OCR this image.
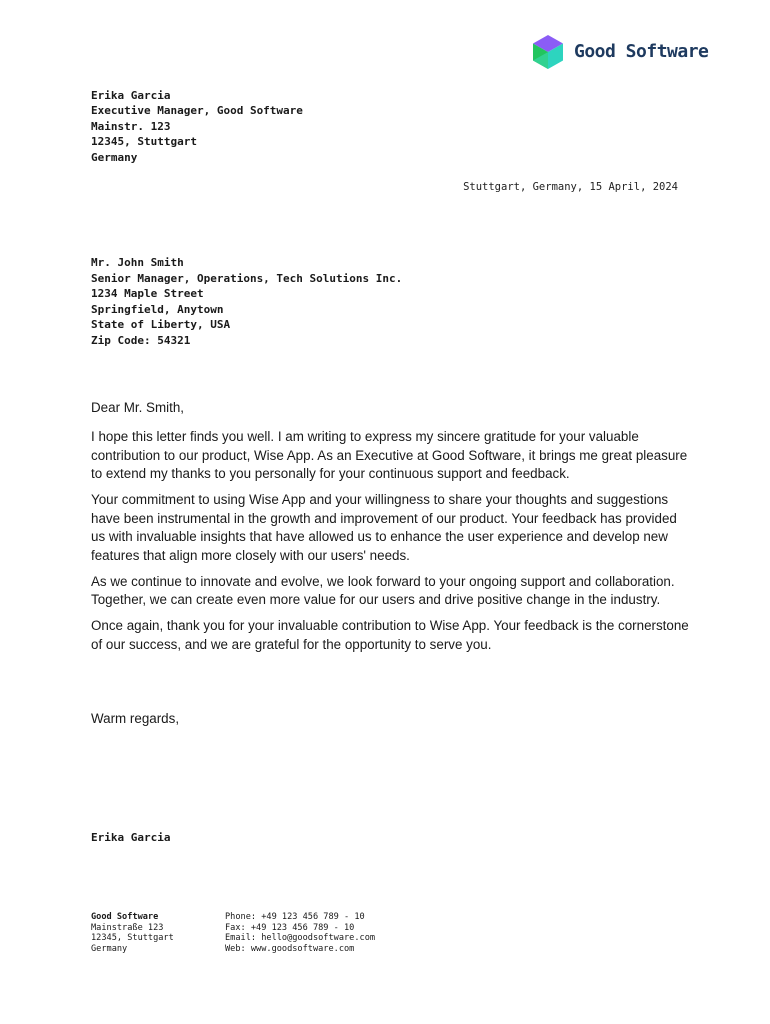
Good Software
Erika Garcia
Executive Manager, Good Software
Mainstr. 123
12345, Stuttgart
Germany
Stuttgart, Germany, 15 April, 2024
Mr. John Smith
Senior Manager, Operations, Tech Solutions Inc.
1234 Maple Street
Springfield, Anytown
State of Liberty, USA
Zip Code: 54321
Dear Mr. Smith,

I hope this letter finds you well. I am writing to express my sincere gratitude for your valuable contribution to our product, Wise App. As an Executive at Good Software, it brings me great pleasure to extend my thanks to you personally for your continuous support and feedback.

Your commitment to using Wise App and your willingness to share your thoughts and suggestions have been instrumental in the growth and improvement of our product. Your feedback has provided us with invaluable insights that have allowed us to enhance the user experience and develop new features that align more closely with our users' needs.

As we continue to innovate and evolve, we look forward to your ongoing support and collaboration. Together, we can create even more value for our users and drive positive change in the industry.

Once again, thank you for your invaluable contribution to Wise App. Your feedback is the cornerstone of our success, and we are grateful for the opportunity to serve you.

Warm regards,
Erika Garcia
Good Software
Mainstraße 123
12345, Stuttgart
Germany
Phone: +49 123 456 789 - 10
Fax: +49 123 456 789 - 10
Email: hello@goodsoftware.com
Web: www.goodsoftware.com
